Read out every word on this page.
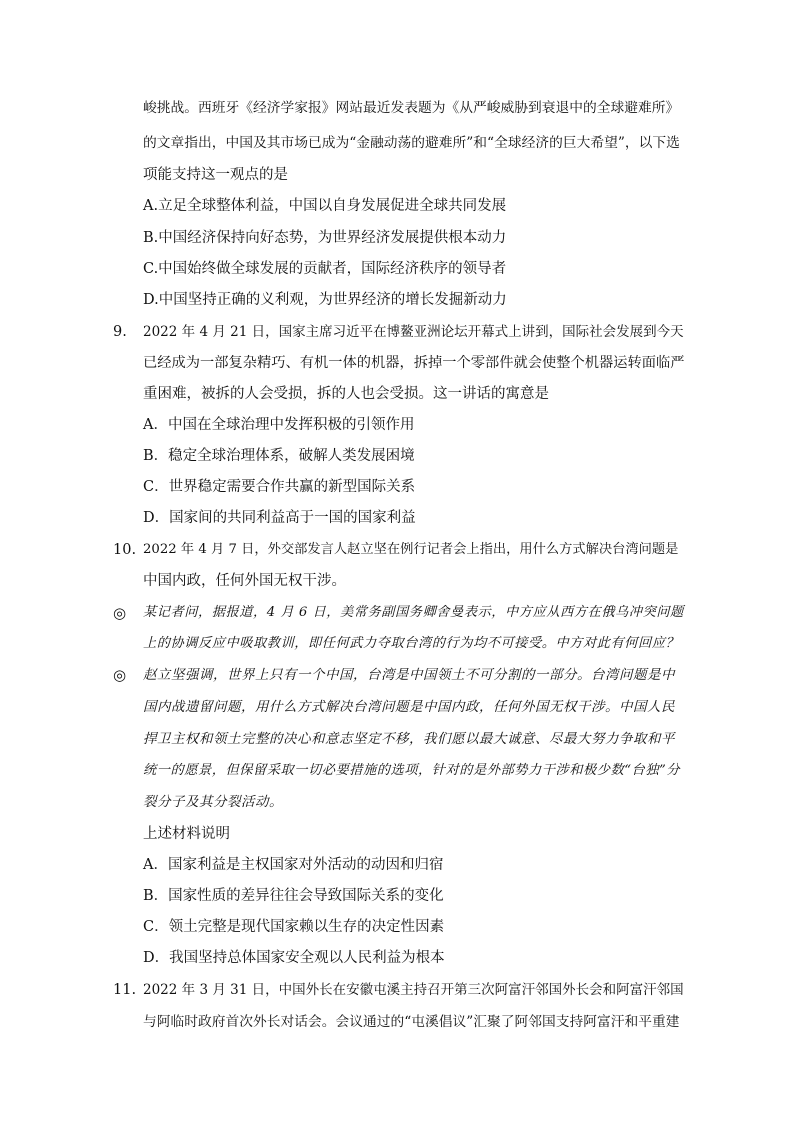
峻挑战。西班牙《经济学家报》网站最近发表题为《从严峻威胁到衰退中的全球避难所》
的文章指出，中国及其市场已成为“金融动荡的避难所”和“全球经济的巨大希望”，以下选
项能支持这一观点的是
A.立足全球整体利益，中国以自身发展促进全球共同发展
B.中国经济保持向好态势，为世界经济发展提供根本动力
C.中国始终做全球发展的贡献者，国际经济秩序的领导者
D.中国坚持正确的义利观，为世界经济的增长发掘新动力
9. 2022 年 4 月 21 日，国家主席习近平在博鳌亚洲论坛开幕式上讲到，国际社会发展到今天
已经成为一部复杂精巧、有机一体的机器，拆掉一个零部件就会使整个机器运转面临严
重困难，被拆的人会受损，拆的人也会受损。这一讲话的寓意是
A．中国在全球治理中发挥积极的引领作用
B．稳定全球治理体系，破解人类发展困境
C．世界稳定需要合作共赢的新型国际关系
D．国家间的共同利益高于一国的国家利益
10. 2022 年 4 月 7 日，外交部发言人赵立坚在例行记者会上指出，用什么方式解决台湾问题是
中国内政，任何外国无权干涉。
◎ 某记者问，据报道，4 月 6 日，美常务副国务卿舍曼表示，中方应从西方在俄乌冲突问题
上的协调反应中吸取教训，即任何武力夺取台湾的行为均不可接受。中方对此有何回应？
◎ 赵立坚强调，世界上只有一个中国，台湾是中国领土不可分割的一部分。台湾问题是中
国内战遗留问题，用什么方式解决台湾问题是中国内政，任何外国无权干涉。中国人民
捍卫主权和领土完整的决心和意志坚定不移，我们愿以最大诚意、尽最大努力争取和平
统一的愿景，但保留采取一切必要措施的选项，针对的是外部势力干涉和极少数“台独”分
裂分子及其分裂活动。
上述材料说明
A．国家利益是主权国家对外活动的动因和归宿
B．国家性质的差异往往会导致国际关系的变化
C．领土完整是现代国家赖以生存的决定性因素
D．我国坚持总体国家安全观以人民利益为根本
11. 2022 年 3 月 31 日，中国外长在安徽屯溪主持召开第三次阿富汗邻国外长会和阿富汗邻国
与阿临时政府首次外长对话会。会议通过的“屯溪倡议”汇聚了阿邻国支持阿富汗和平重建
